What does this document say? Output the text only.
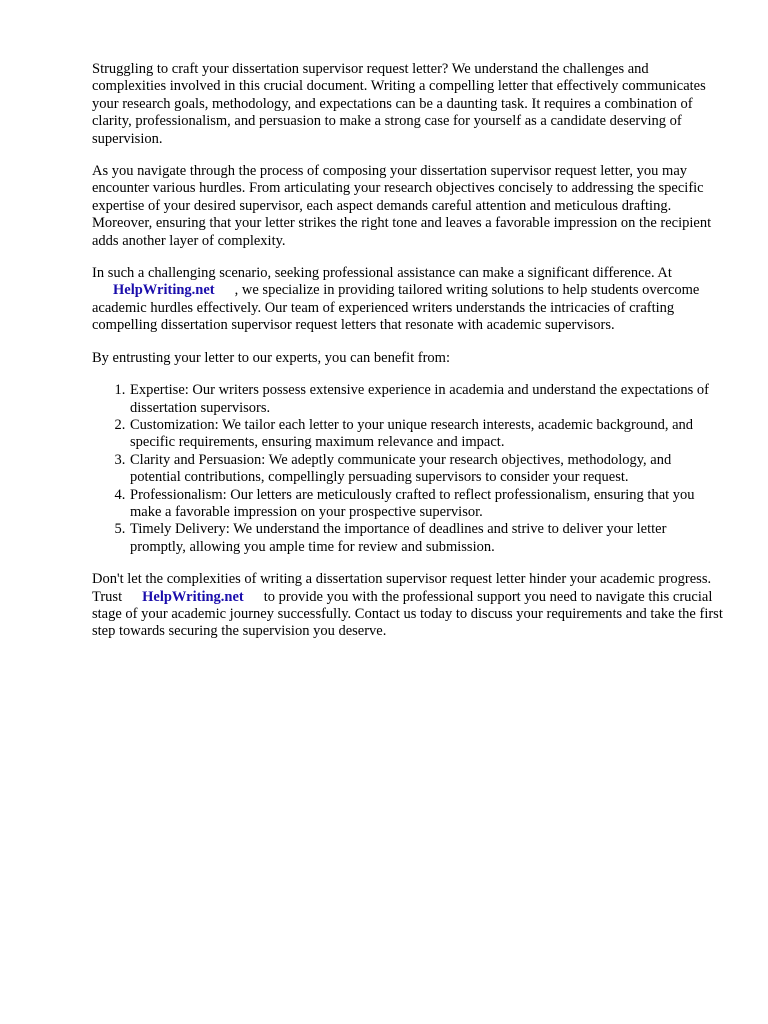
Struggling to craft your dissertation supervisor request letter? We understand the challenges and complexities involved in this crucial document. Writing a compelling letter that effectively communicates your research goals, methodology, and expectations can be a daunting task. It requires a combination of clarity, professionalism, and persuasion to make a strong case for yourself as a candidate deserving of supervision.

As you navigate through the process of composing your dissertation supervisor request letter, you may encounter various hurdles. From articulating your research objectives concisely to addressing the specific expertise of your desired supervisor, each aspect demands careful attention and meticulous drafting. Moreover, ensuring that your letter strikes the right tone and leaves a favorable impression on the recipient adds another layer of complexity.

In such a challenging scenario, seeking professional assistance can make a significant difference. At
HelpWriting.net , we specialize in providing tailored writing solutions to help students overcome academic hurdles effectively. Our team of experienced writers understands the intricacies of crafting compelling dissertation supervisor request letters that resonate with academic supervisors.

By entrusting your letter to our experts, you can benefit from:

1. Expertise: Our writers possess extensive experience in academia and understand the expectations of dissertation supervisors.
2. Customization: We tailor each letter to your unique research interests, academic background, and specific requirements, ensuring maximum relevance and impact.
3. Clarity and Persuasion: We adeptly communicate your research objectives, methodology, and potential contributions, compellingly persuading supervisors to consider your request.
4. Professionalism: Our letters are meticulously crafted to reflect professionalism, ensuring that you make a favorable impression on your prospective supervisor.
5. Timely Delivery: We understand the importance of deadlines and strive to deliver your letter promptly, allowing you ample time for review and submission.

Don't let the complexities of writing a dissertation supervisor request letter hinder your academic progress. Trust HelpWriting.net to provide you with the professional support you need to navigate this crucial stage of your academic journey successfully. Contact us today to discuss your requirements and take the first step towards securing the supervision you deserve.
